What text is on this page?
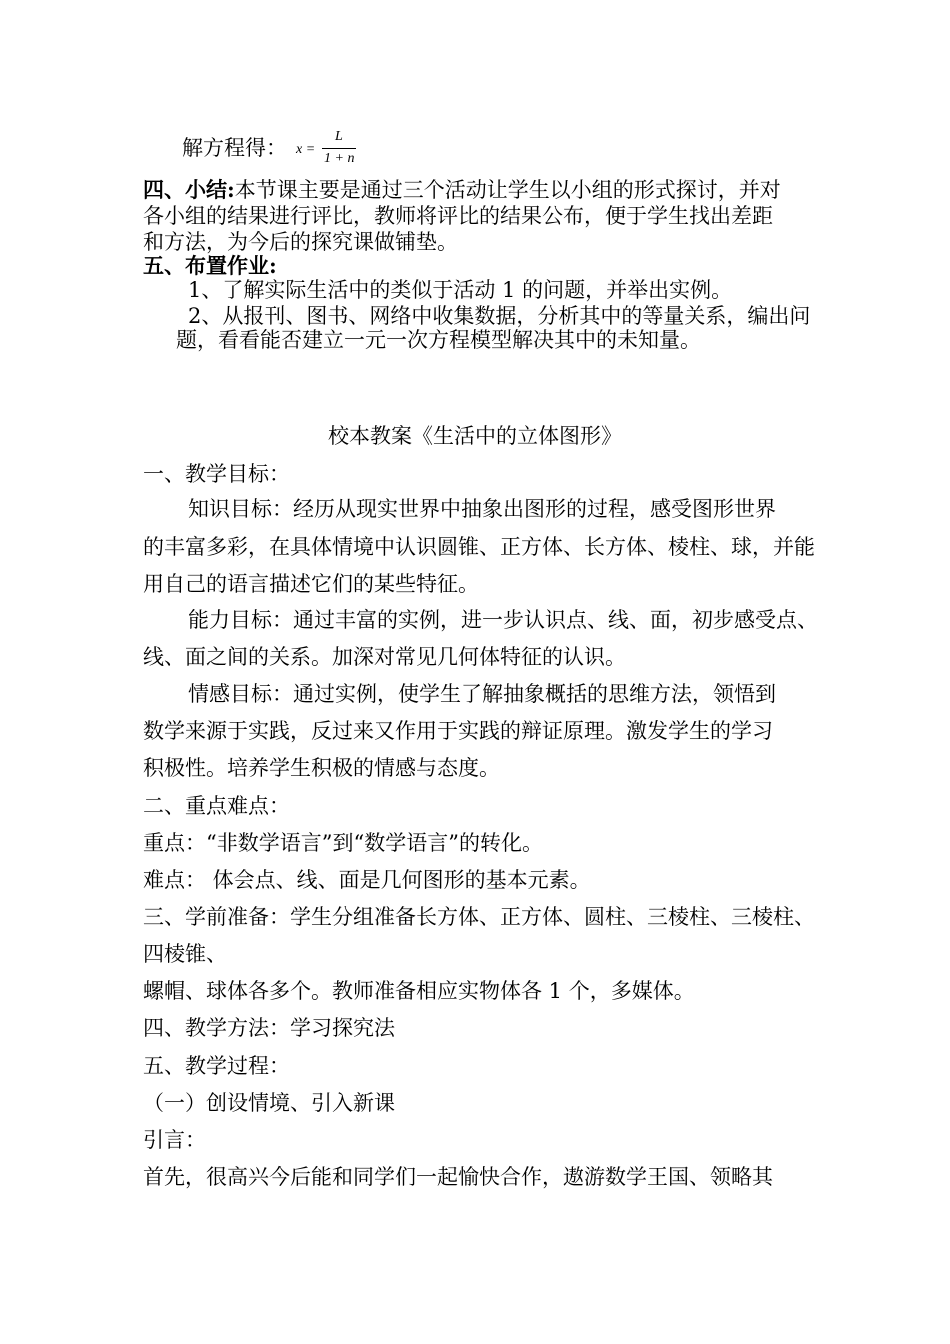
解方程得： x =
L
1 + n
四、小结:本节课主要是通过三个活动让学生以小组的形式探讨，并对
各小组的结果进行评比，教师将评比的结果公布，便于学生找出差距
和方法，为今后的探究课做铺垫。
五、布置作业:
1、了解实际生活中的类似于活动 1 的问题，并举出实例。
2、从报刊、图书、网络中收集数据，分析其中的等量关系，编出问
题，看看能否建立一元一次方程模型解决其中的未知量。
校本教案《生活中的立体图形》
一、教学目标：
知识目标：经历从现实世界中抽象出图形的过程，感受图形世界
的丰富多彩，在具体情境中认识圆锥、正方体、长方体、棱柱、球，并能
用自己的语言描述它们的某些特征。
能力目标：通过丰富的实例，进一步认识点、线、面，初步感受点、
线、面之间的关系。加深对常见几何体特征的认识。
情感目标：通过实例，使学生了解抽象概括的思维方法，领悟到
数学来源于实践，反过来又作用于实践的辩证原理。激发学生的学习
积极性。培养学生积极的情感与态度。
二、重点难点：
重点：“非数学语言”到“数学语言”的转化。
难点： 体会点、线、面是几何图形的基本元素。
三、学前准备：学生分组准备长方体、正方体、圆柱、三棱柱、三棱柱、
四棱锥、
螺帽、球体各多个。教师准备相应实物体各 1 个，多媒体。
四、教学方法：学习探究法
五、教学过程：
（一）创设情境、引入新课
引言：
首先，很高兴今后能和同学们一起愉快合作，遨游数学王国、领略其
